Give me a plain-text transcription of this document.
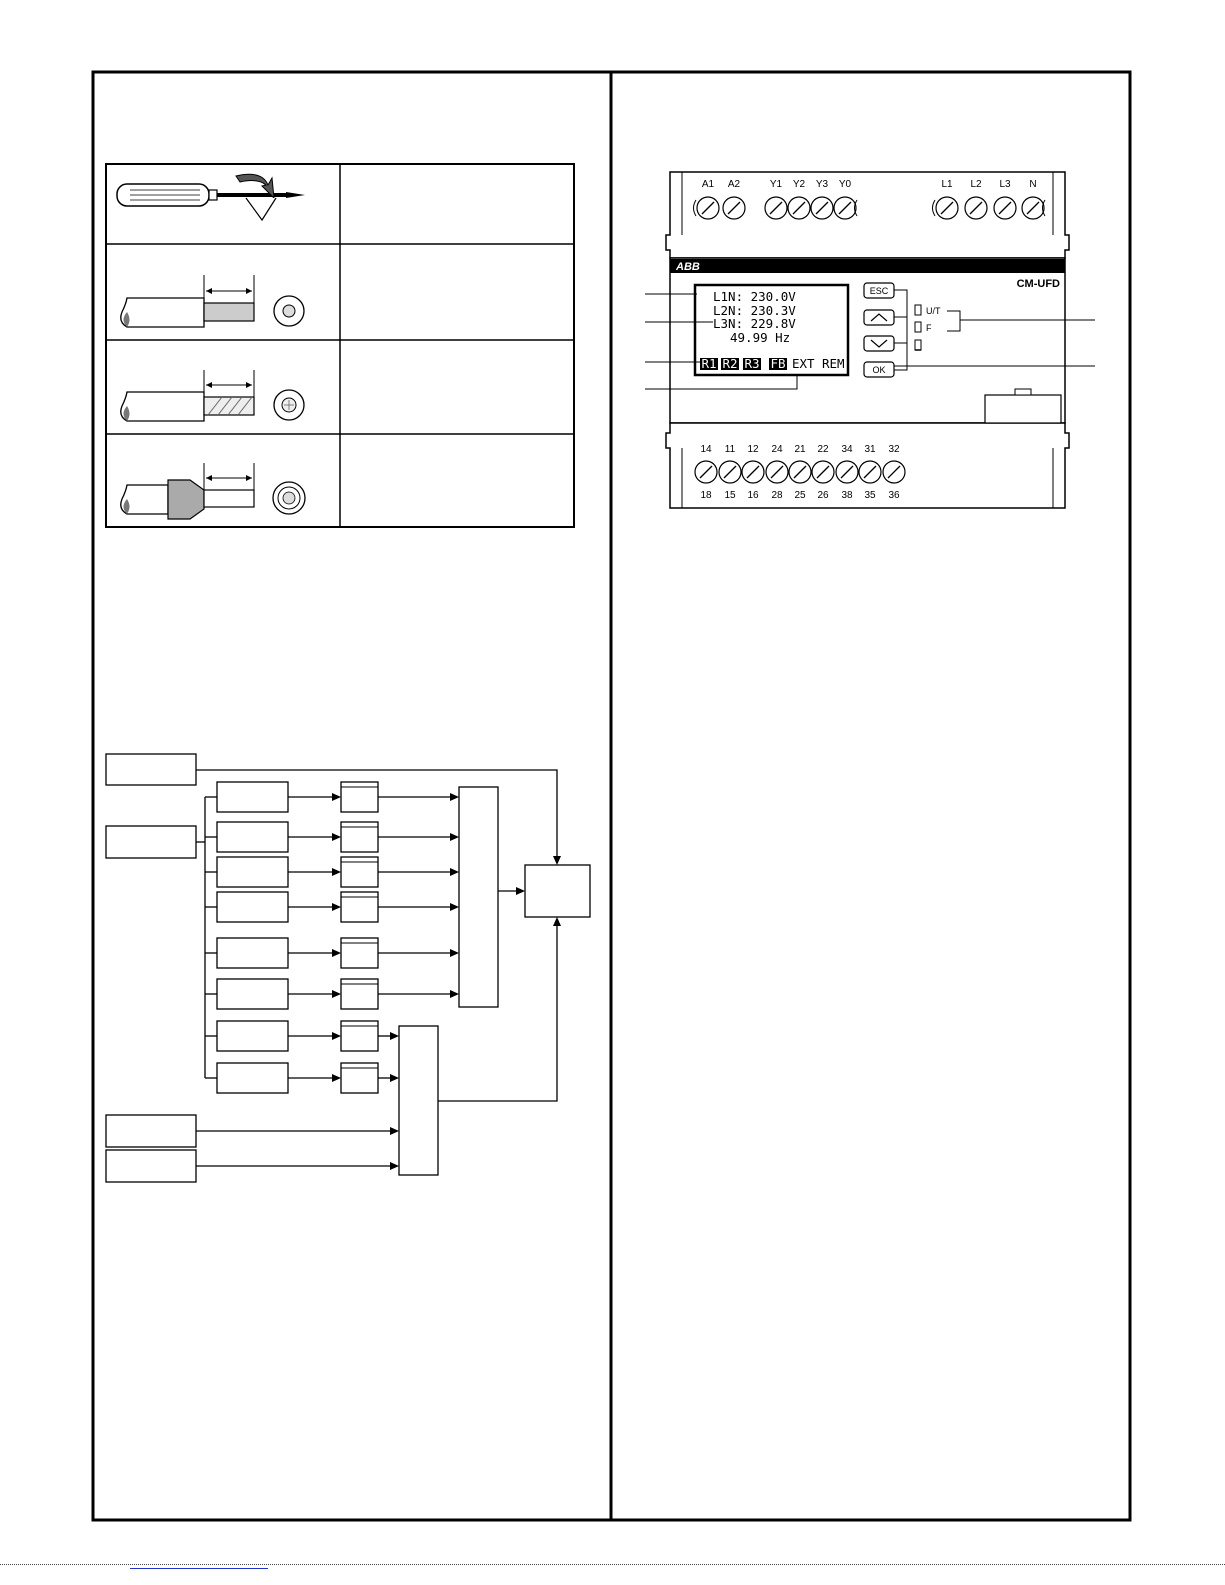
A1 A2	Y1 Y2 Y3 Y0	L1 L2 L3 N
14
18
11
15
12
16
24
28
21
25
22
26
34
38
31
35
32
36
ABB
CM-UFD
L1N: 230.0V
L2N: 230.3V
L3N: 229.8V
49.99 Hz
R1 R2 R3 FB EXT REM
ESC
OK
U/T
F
